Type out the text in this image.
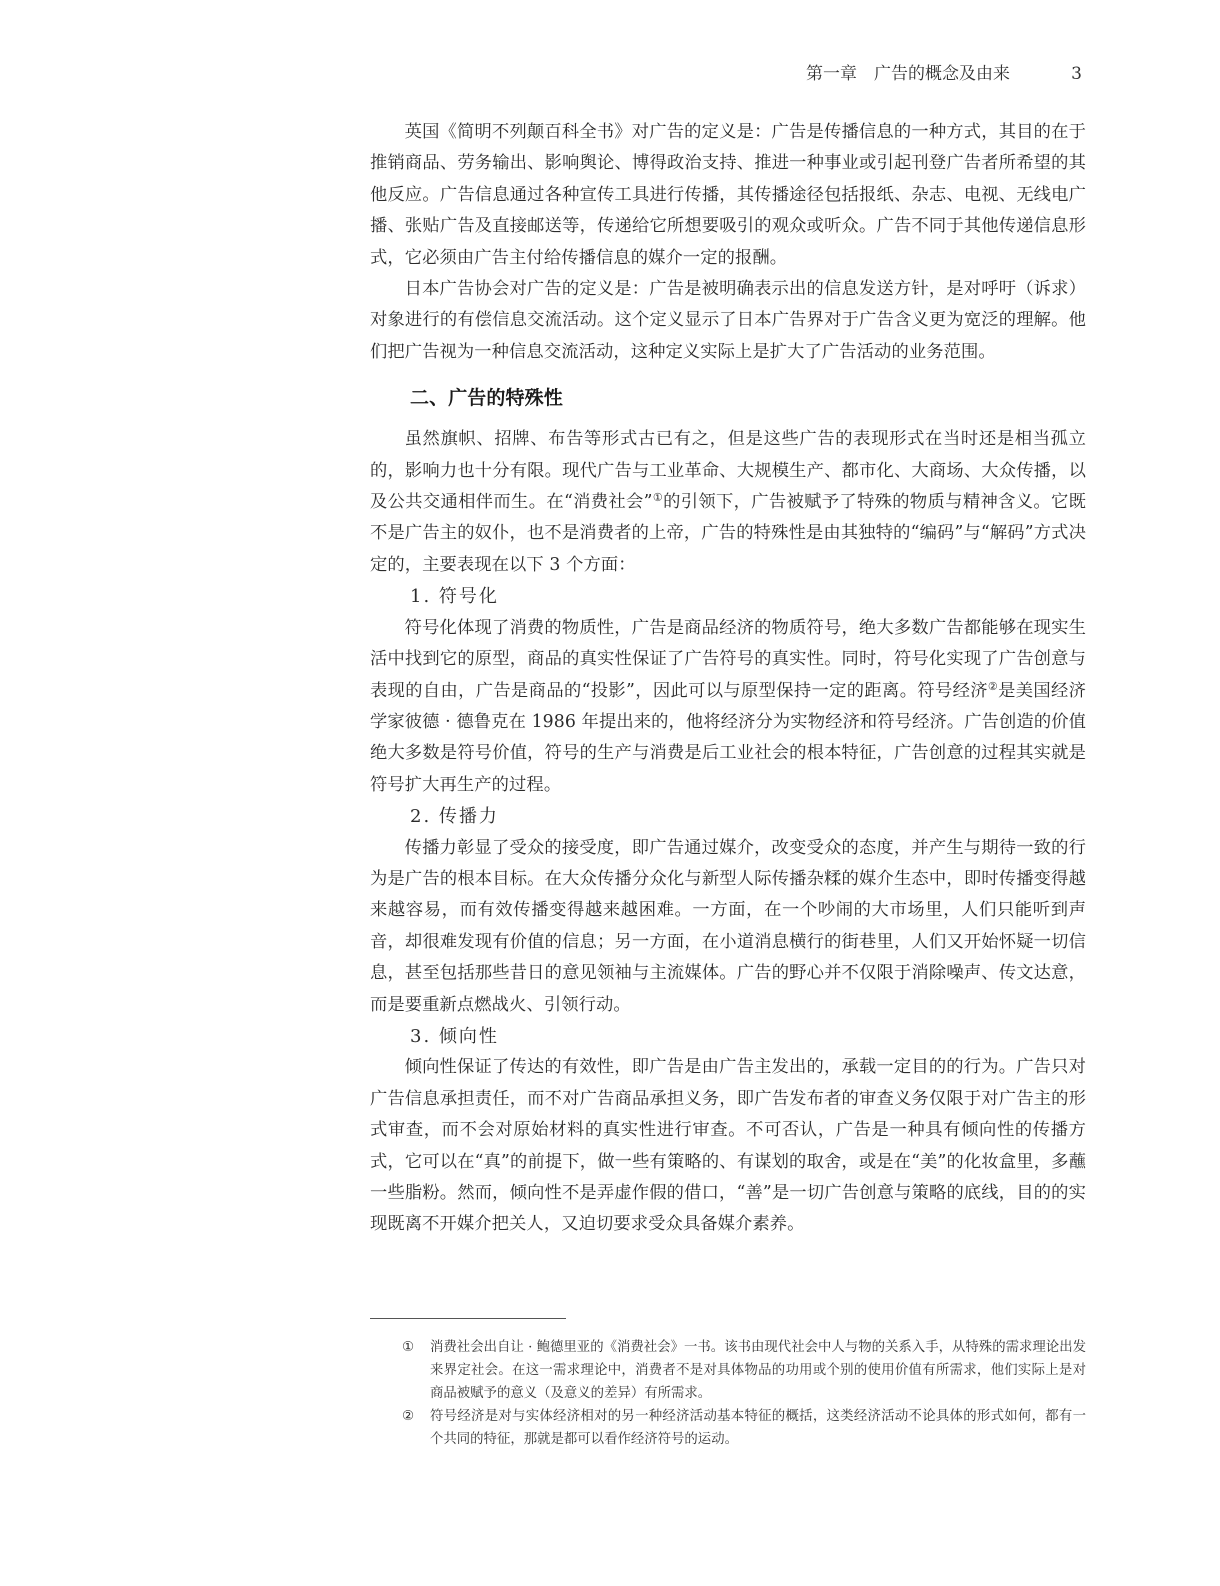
第一章　广告的概念及由来	3

英国《简明不列颠百科全书》对广告的定义是：广告是传播信息的一种方式，其目的在于推销商品、劳务输出、影响舆论、博得政治支持、推进一种事业或引起刊登广告者所希望的其他反应。广告信息通过各种宣传工具进行传播，其传播途径包括报纸、杂志、电视、无线电广播、张贴广告及直接邮送等，传递给它所想要吸引的观众或听众。广告不同于其他传递信息形式，它必须由广告主付给传播信息的媒介一定的报酬。

日本广告协会对广告的定义是：广告是被明确表示出的信息发送方针，是对呼吁（诉求）对象进行的有偿信息交流活动。这个定义显示了日本广告界对于广告含义更为宽泛的理解。他们把广告视为一种信息交流活动，这种定义实际上是扩大了广告活动的业务范围。

二、广告的特殊性

虽然旗帜、招牌、布告等形式古已有之，但是这些广告的表现形式在当时还是相当孤立的，影响力也十分有限。现代广告与工业革命、大规模生产、都市化、大商场、大众传播，以及公共交通相伴而生。在“消费社会”①的引领下，广告被赋予了特殊的物质与精神含义。它既不是广告主的奴仆，也不是消费者的上帝，广告的特殊性是由其独特的“编码”与“解码”方式决定的，主要表现在以下 3 个方面：

1. 符号化

符号化体现了消费的物质性，广告是商品经济的物质符号，绝大多数广告都能够在现实生活中找到它的原型，商品的真实性保证了广告符号的真实性。同时，符号化实现了广告创意与表现的自由，广告是商品的“投影”，因此可以与原型保持一定的距离。符号经济②是美国经济学家彼德 · 德鲁克在 1986 年提出来的，他将经济分为实物经济和符号经济。广告创造的价值绝大多数是符号价值，符号的生产与消费是后工业社会的根本特征，广告创意的过程其实就是符号扩大再生产的过程。

2. 传播力

传播力彰显了受众的接受度，即广告通过媒介，改变受众的态度，并产生与期待一致的行为是广告的根本目标。在大众传播分众化与新型人际传播杂糅的媒介生态中，即时传播变得越来越容易，而有效传播变得越来越困难。一方面，在一个吵闹的大市场里，人们只能听到声音，却很难发现有价值的信息；另一方面，在小道消息横行的街巷里，人们又开始怀疑一切信息，甚至包括那些昔日的意见领袖与主流媒体。广告的野心并不仅限于消除噪声、传文达意，而是要重新点燃战火、引领行动。

3. 倾向性

倾向性保证了传达的有效性，即广告是由广告主发出的，承载一定目的的行为。广告只对广告信息承担责任，而不对广告商品承担义务，即广告发布者的审查义务仅限于对广告主的形式审查，而不会对原始材料的真实性进行审查。不可否认，广告是一种具有倾向性的传播方式，它可以在“真”的前提下，做一些有策略的、有谋划的取舍，或是在“美”的化妆盒里，多蘸一些脂粉。然而，倾向性不是弄虚作假的借口，“善”是一切广告创意与策略的底线，目的的实现既离不开媒介把关人，又迫切要求受众具备媒介素养。

① 消费社会出自让 · 鲍德里亚的《消费社会》一书。该书由现代社会中人与物的关系入手，从特殊的需求理论出发来界定社会。在这一需求理论中，消费者不是对具体物品的功用或个别的使用价值有所需求，他们实际上是对商品被赋予的意义（及意义的差异）有所需求。
② 符号经济是对与实体经济相对的另一种经济活动基本特征的概括，这类经济活动不论具体的形式如何，都有一个共同的特征，那就是都可以看作经济符号的运动。
